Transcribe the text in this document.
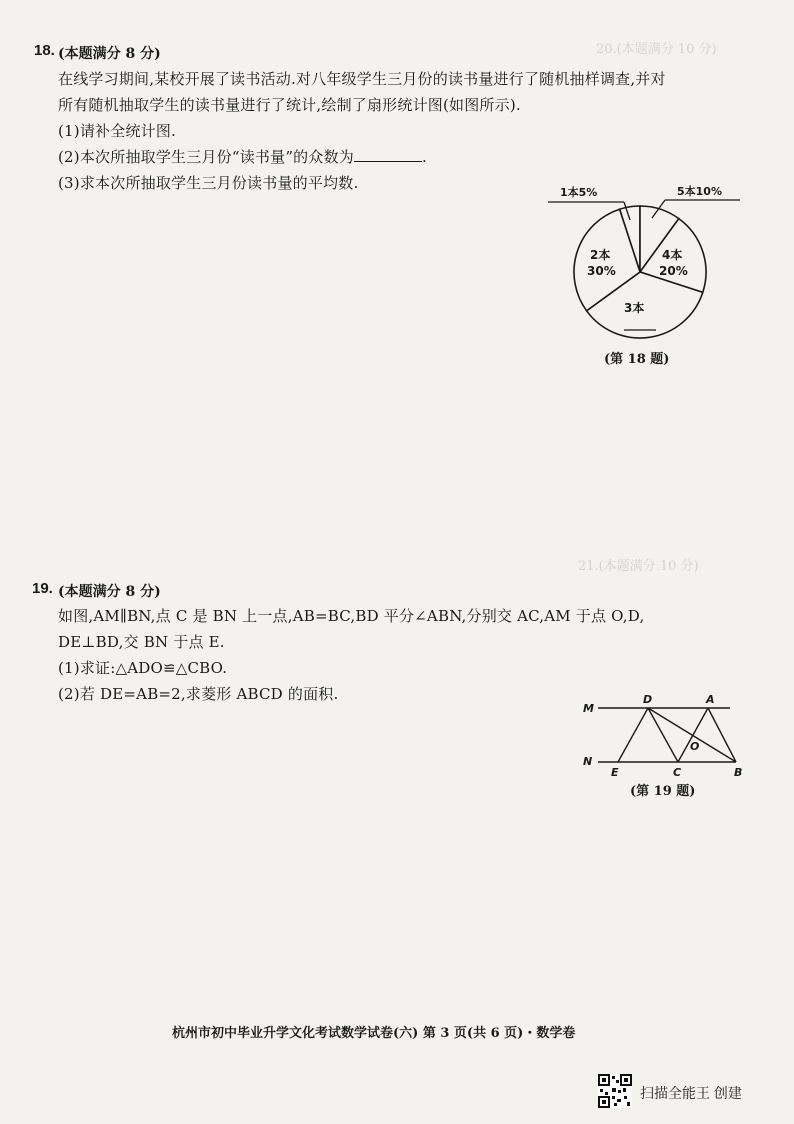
20.(本题满分 10 分)
21.(本题满分 10 分)
18. (本题满分 8 分)
在线学习期间,某校开展了读书活动.对八年级学生三月份的读书量进行了随机抽样调查,并对
所有随机抽取学生的读书量进行了统计,绘制了扇形统计图(如图所示).
(1)请补全统计图.
(2)本次所抽取学生三月份“读书量”的众数为	.
(3)求本次所抽取学生三月份读书量的平均数.
1本5%	5本10%
2本
30%
4本
20%
3本
(第 18 题)
19. (本题满分 8 分)
如图,AM∥BN,点 C 是 BN 上一点,AB=BC,BD 平分∠ABN,分别交 AC,AM 于点 O,D,
DE⊥BD,交 BN 于点 E.
(1)求证:△ADO≌△CBO.
(2)若 DE=AB=2,求菱形 ABCD 的面积.
M
D	A
N
E	C	B
O
(第 19 题)
杭州市初中毕业升学文化考试数学试卷(六) 第 3 页(共 6 页)・数学卷
扫描全能王 创建
